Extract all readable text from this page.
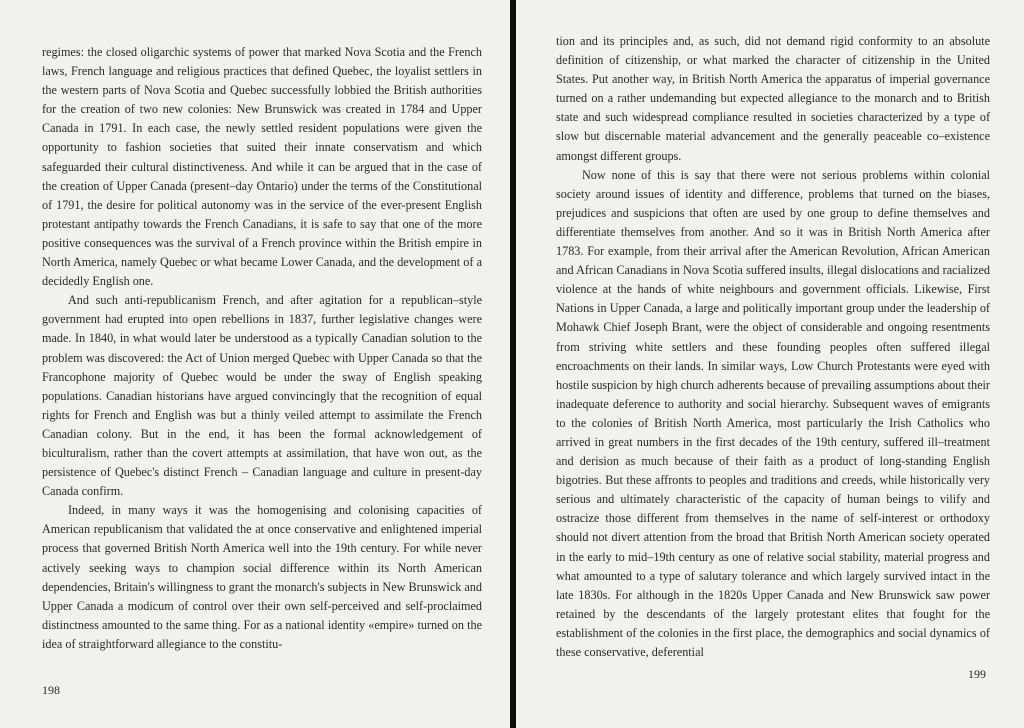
regimes: the closed oligarchic systems of power that marked Nova Scotia and the French laws, French language and religious practices that defined Quebec, the loyalist settlers in the western parts of Nova Scotia and Quebec successfully lobbied the British authorities for the creation of two new colonies: New Brunswick was created in 1784 and Upper Canada in 1791. In each case, the newly settled resident populations were given the opportunity to fashion societies that suited their innate conservatism and which safeguarded their cultural distinctiveness. And while it can be argued that in the case of the creation of Upper Canada (present–day Ontario) under the terms of the Constitutional of 1791, the desire for political autonomy was in the service of the ever-present English protestant antipathy towards the French Canadians, it is safe to say that one of the more positive consequences was the survival of a French province within the British empire in North America, namely Quebec or what became Lower Canada, and the development of a decidedly English one.

And such anti-republicanism French, and after agitation for a republican–style government had erupted into open rebellions in 1837, further legislative changes were made. In 1840, in what would later be understood as a typically Canadian solution to the problem was discovered: the Act of Union merged Quebec with Upper Canada so that the Francophone majority of Quebec would be under the sway of English speaking populations. Canadian historians have argued convincingly that the recognition of equal rights for French and English was but a thinly veiled attempt to assimilate the French Canadian colony. But in the end, it has been the formal acknowledgement of biculturalism, rather than the covert attempts at assimilation, that have won out, as the persistence of Quebec's distinct French – Canadian language and culture in present-day Canada confirm.

Indeed, in many ways it was the homogenising and colonising capacities of American republicanism that validated the at once conservative and enlightened imperial process that governed British North America well into the 19th century. For while never actively seeking ways to champion social difference within its North American dependencies, Britain's willingness to grant the monarch's subjects in New Brunswick and Upper Canada a modicum of control over their own self-perceived and self-proclaimed distinctness amounted to the same thing. For as a national identity «empire» turned on the idea of straightforward allegiance to the constitu-

198

tion and its principles and, as such, did not demand rigid conformity to an absolute definition of citizenship, or what marked the character of citizenship in the United States. Put another way, in British North America the apparatus of imperial governance turned on a rather undemanding but expected allegiance to the monarch and to British state and such widespread compliance resulted in societies characterized by a type of slow but discernable material advancement and the generally peaceable co–existence amongst different groups.

Now none of this is say that there were not serious problems within colonial society around issues of identity and difference, problems that turned on the biases, prejudices and suspicions that often are used by one group to define themselves and differentiate themselves from another. And so it was in British North America after 1783. For example, from their arrival after the American Revolution, African American and African Canadians in Nova Scotia suffered insults, illegal dislocations and racialized violence at the hands of white neighbours and government officials. Likewise, First Nations in Upper Canada, a large and politically important group under the leadership of Mohawk Chief Joseph Brant, were the object of considerable and ongoing resentments from striving white settlers and these founding peoples often suffered illegal encroachments on their lands. In similar ways, Low Church Protestants were eyed with hostile suspicion by high church adherents because of prevailing assumptions about their inadequate deference to authority and social hierarchy. Subsequent waves of emigrants to the colonies of British North America, most particularly the Irish Catholics who arrived in great numbers in the first decades of the 19th century, suffered ill–treatment and derision as much because of their faith as a product of long-standing English bigotries. But these affronts to peoples and traditions and creeds, while historically very serious and ultimately characteristic of the capacity of human beings to vilify and ostracize those different from themselves in the name of self-interest or orthodoxy should not divert attention from the broad that British North American society operated in the early to mid–19th century as one of relative social stability, material progress and what amounted to a type of salutary tolerance and which largely survived intact in the late 1830s. For although in the 1820s Upper Canada and New Brunswick saw power retained by the descendants of the largely protestant elites that fought for the establishment of the colonies in the first place, the demographics and social dynamics of these conservative, deferential

199
